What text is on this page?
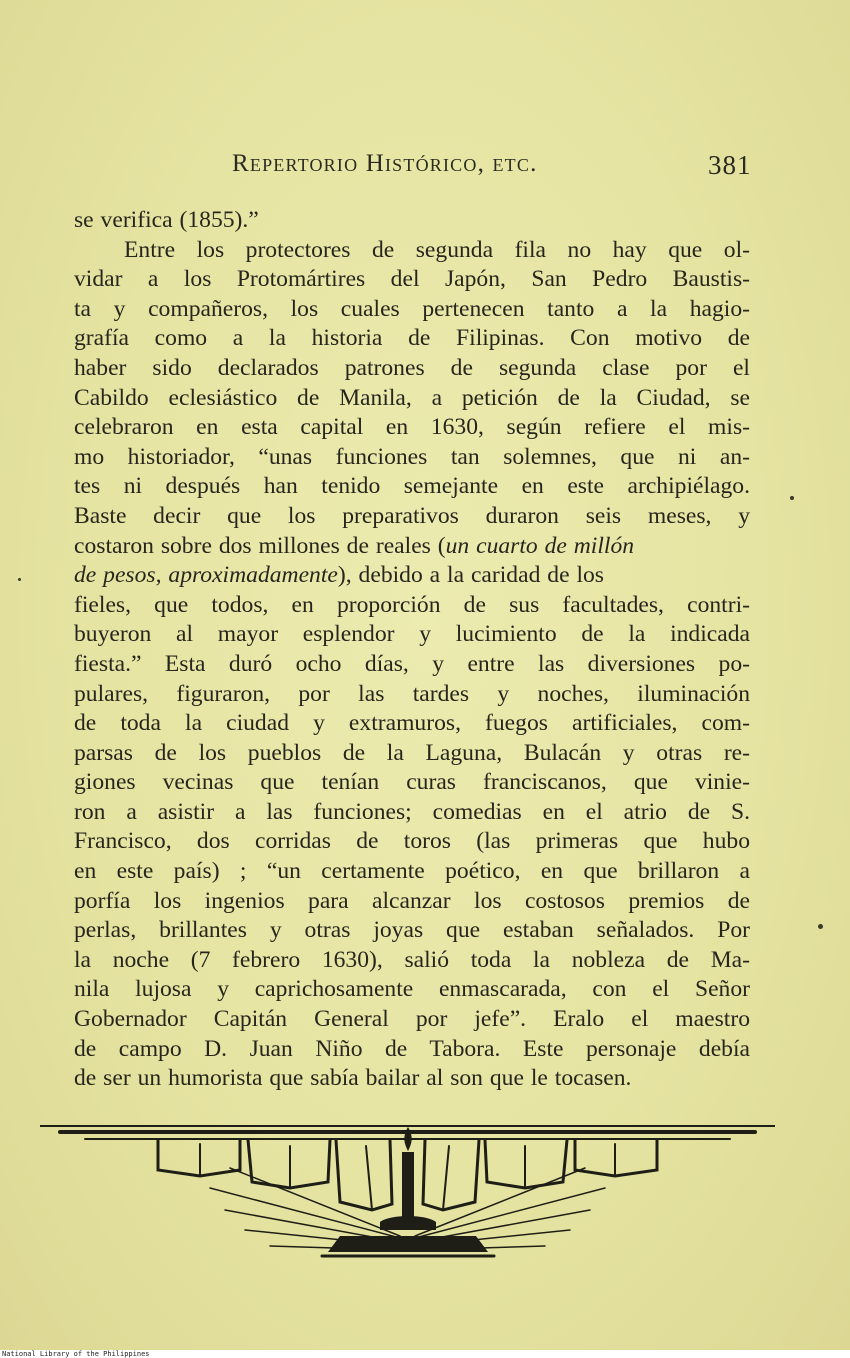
Repertorio Histórico, etc.	381
se verifica (1855).”
Entre los protectores de segunda fila no hay que ol-
vidar a los Protomártires del Japón, San Pedro Baustis-
ta y compañeros, los cuales pertenecen tanto a la hagio-
grafía como a la historia de Filipinas. Con motivo de
haber sido declarados patrones de segunda clase por el
Cabildo eclesiástico de Manila, a petición de la Ciudad, se
celebraron en esta capital en 1630, según refiere el mis-
mo historiador, “unas funciones tan solemnes, que ni an-
tes ni después han tenido semejante en este archipiélago.
Baste decir que los preparativos duraron seis meses, y
costaron sobre dos millones de reales (un cuarto de millón
de pesos, aproximadamente), debido a la caridad de los
fieles, que todos, en proporción de sus facultades, contri-
buyeron al mayor esplendor y lucimiento de la indicada
fiesta.” Esta duró ocho días, y entre las diversiones po-
pulares, figuraron, por las tardes y noches, iluminación
de toda la ciudad y extramuros, fuegos artificiales, com-
parsas de los pueblos de la Laguna, Bulacán y otras re-
giones vecinas que tenían curas franciscanos, que vinie-
ron a asistir a las funciones; comedias en el atrio de S.
Francisco, dos corridas de toros (las primeras que hubo
en este país) ; “un certamente poético, en que brillaron a
porfía los ingenios para alcanzar los costosos premios de
perlas, brillantes y otras joyas que estaban señalados. Por
la noche (7 febrero 1630), salió toda la nobleza de Ma-
nila lujosa y caprichosamente enmascarada, con el Señor
Gobernador Capitán General por jefe”. Eralo el maestro
de campo D. Juan Niño de Tabora. Este personaje debía
de ser un humorista que sabía bailar al son que le tocasen.
National Library of the Philippines
